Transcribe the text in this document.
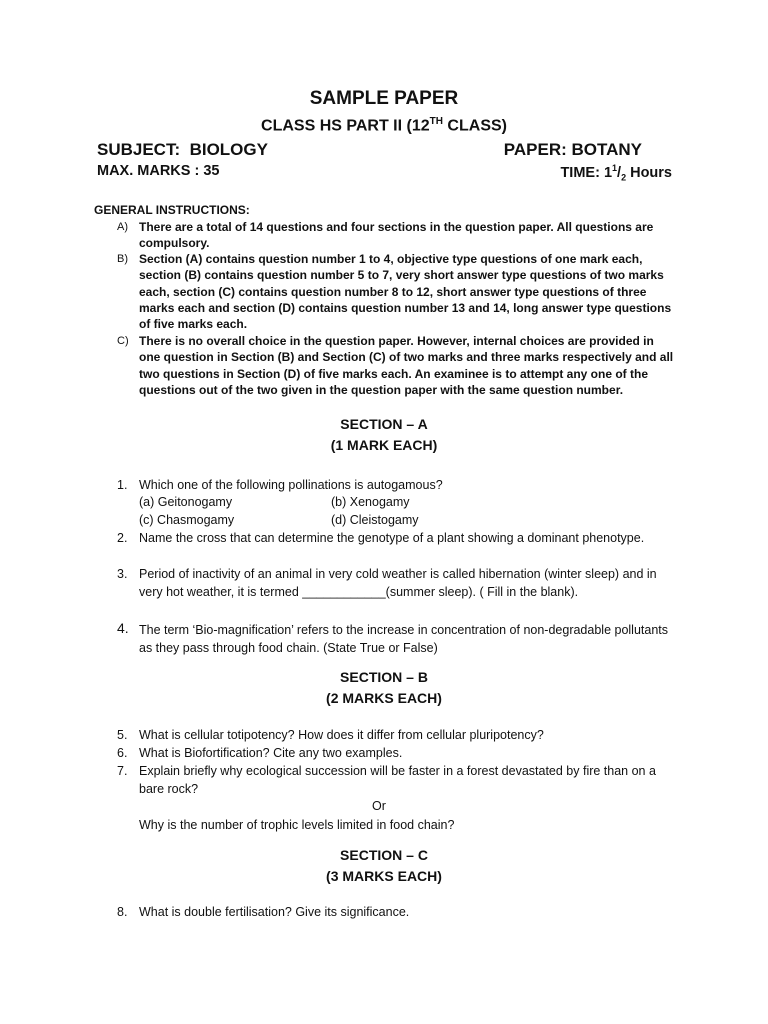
SAMPLE PAPER
CLASS HS PART II (12TH CLASS)
SUBJECT:  BIOLOGY	PAPER: BOTANY
MAX. MARKS : 35	TIME: $1^1/_2$ Hours
GENERAL INSTRUCTIONS:
A) There are a total of 14 questions and four sections in the question paper. All questions are compulsory.
B) Section (A) contains question number 1 to 4, objective type questions of one mark each, section (B) contains question number 5 to 7, very short answer type questions of two marks each, section (C) contains question number 8 to 12, short answer type questions of three marks each and section (D) contains question number 13 and 14, long answer type questions of five marks each.
C) There is no overall choice in the question paper. However, internal choices are provided in one question in Section (B) and Section (C) of two marks and three marks respectively and all two questions in Section (D) of five marks each. An examinee is to attempt any one of the questions out of the two given in the question paper with the same question number.
SECTION – A
(1 MARK EACH)
1. Which one of the following pollinations is autogamous?
(a) Geitonogamy	(b) Xenogamy
(c) Chasmogamy	(d) Cleistogamy
2. Name the cross that can determine the genotype of a plant showing a dominant phenotype.
3. Period of inactivity of an animal in very cold weather is called hibernation (winter sleep) and in very hot weather, it is termed ____________(summer sleep). ( Fill in the blank).
4. The term ‘Bio-magnification’ refers to the increase in concentration of non-degradable pollutants as they pass through food chain. (State True or False)
SECTION – B
(2 MARKS EACH)
5. What is cellular totipotency? How does it differ from cellular pluripotency?
6. What is Biofortification? Cite any two examples.
7. Explain briefly why ecological succession will be faster in a forest devastated by fire than on a bare rock?
Or
Why is the number of trophic levels limited in food chain?
SECTION – C
(3 MARKS EACH)
8. What is double fertilisation? Give its significance.
